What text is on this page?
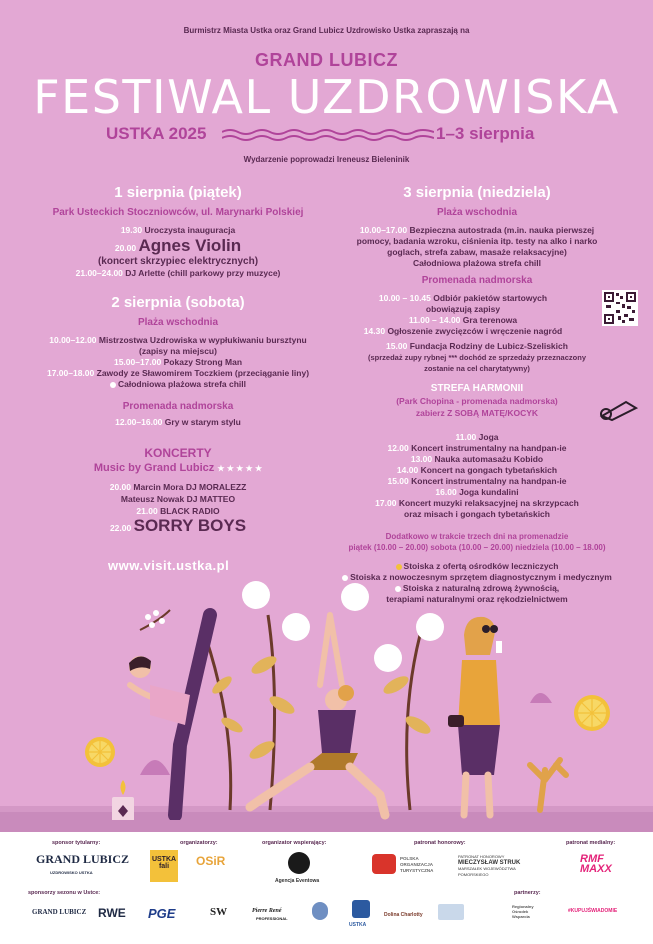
Burmistrz Miasta Ustka oraz Grand Lubicz Uzdrowisko Ustka zapraszają na
GRAND LUBICZ
FESTIWAL UZDROWISKA
USTKA 2025	1–3 sierpnia
Wydarzenie poprowadzi Ireneusz Bieleninik
1 sierpnia (piątek)
Park Usteckich Stoczniowców, ul. Marynarki Polskiej
19.30 Uroczysta inauguracja
20.00 Agnes Violin
(koncert skrzypiec elektrycznych)
21.00–24.00 DJ Arlette (chill parkowy przy muzyce)
2 sierpnia (sobota)
Plaża wschodnia
10.00–12.00 Mistrzostwa Uzdrowiska w wypłukiwaniu bursztynu
(zapisy na miejscu)
15.00–17.00 Pokazy Strong Man
17.00–18.00 Zawody ze Sławomirem Toczkiem (przeciąganie liny)
Całodniowa plażowa strefa chill
Promenada nadmorska
12.00–16.00 Gry w starym stylu
KONCERTY
Music by Grand Lubicz ★ ★ ★ ★ ★
20.00 Marcin Mora DJ MORALEZZ
Mateusz Nowak DJ MATTEO
21.00 BLACK RADIO
22.00 SORRY BOYS
www.visit.ustka.pl
3 sierpnia (niedziela)
Plaża wschodnia
10.00–17.00 Bezpieczna autostrada (m.in. nauka pierwszej
pomocy, badania wzroku, ciśnienia itp. testy na alko i narko
goglach, strefa zabaw, masaże relaksacyjne)
Całodniowa plażowa strefa chill
Promenada nadmorska
10.00 – 10.45 Odbiór pakietów startowych
obowiązują zapisy
11.00 – 14.00 Gra terenowa
14.30 Ogłoszenie zwycięzców i wręczenie nagród
15.00 Fundacja Rodziny de Lubicz-Szeliskich
(sprzedaż zupy rybnej *** dochód ze sprzedaży przeznaczony
zostanie na cel charytatywny)
STREFA HARMONII
(Park Chopina - promenada nadmorska)
zabierz Z SOBĄ MATĘ/KOCYK
11.00 Joga
12.00 Koncert instrumentalny na handpan-ie
13.00 Nauka automasażu Kobido
14.00 Koncert na gongach tybetańskich
15.00 Koncert instrumentalny na handpan-ie
16.00 Joga kundalini
17.00 Koncert muzyki relaksacyjnej na skrzypcach
oraz misach i gongach tybetańskich
Dodatkowo w trakcie trzech dni na promenadzie
piątek (10.00 – 20.00) sobota (10.00 – 20.00) niedziela (10.00 – 18.00)
Stoiska z ofertą ośrodków leczniczych
Stoiska z nowoczesnym sprzętem diagnostycznym i medycznym
Stoiska z naturalną zdrową żywnością,
terapiami naturalnymi oraz rękodzielnictwem
sponsor tytularny:	organizatorzy:	organizator wspierający:	patronat honorowy:	patronat medialny:
GRAND LUBICZ
UZDROWISKO USTKA
USTKA fali	OSiR
Agencja Eventowa
POLSKA ORGANIZACJA TURYSTYCZNA
PATRONAT HONOROWY
MIECZYSŁAW STRUK
MARSZAŁEK WOJEWÓDZTWA POMORSKIEGO
RMF MAXX
sponsorzy sezonu w Ustce:	partnerzy:
GRAND LUBICZ RWE PGE	SW	Pierre René
PROFESSIONAL
USTKA
Dolina Charlotty
Regionalny Ośrodek Wsparcia
#KUPUJŚWIADOMIE
